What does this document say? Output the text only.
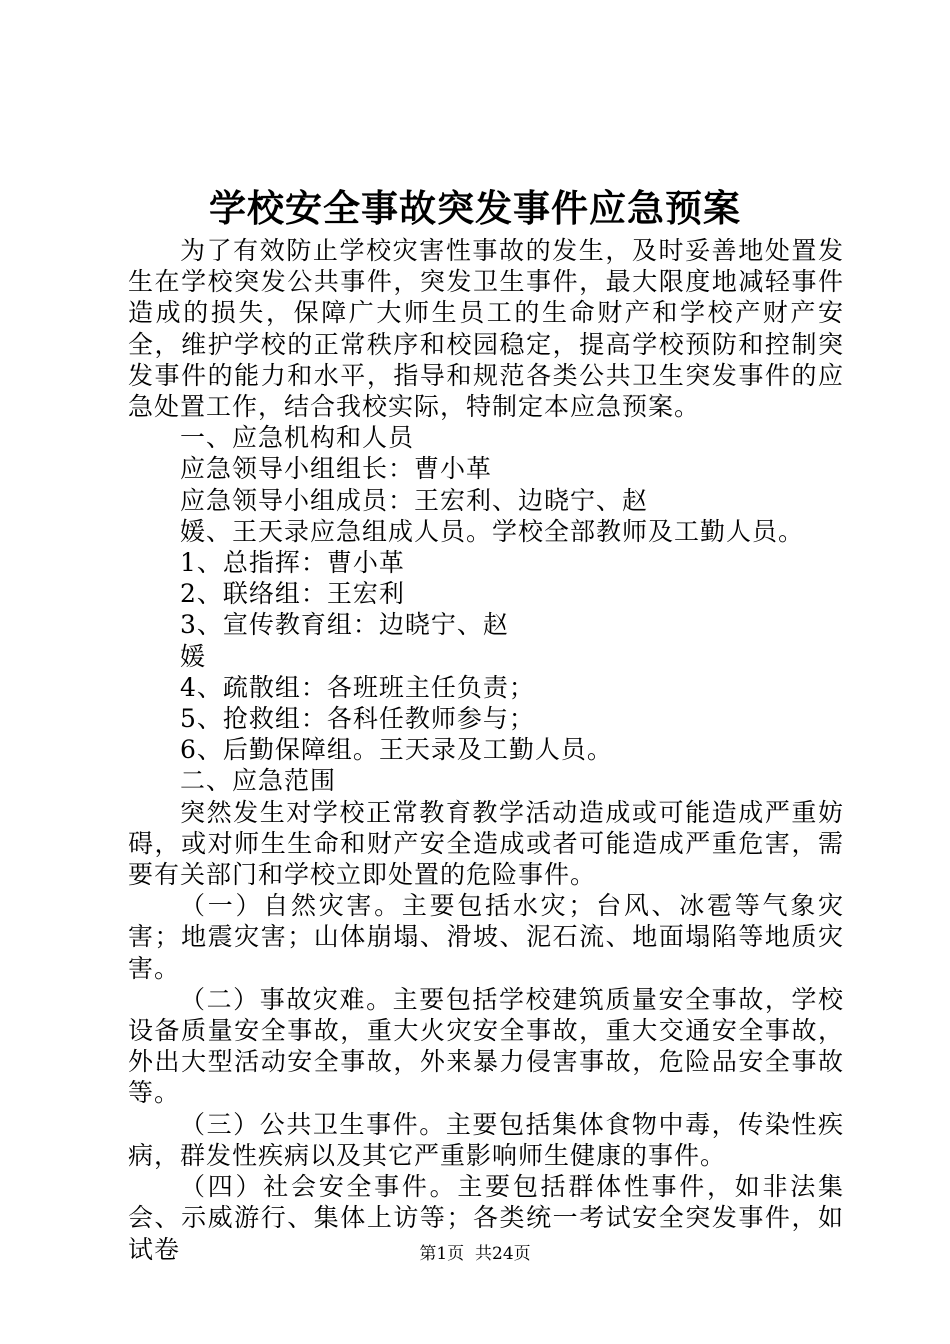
学校安全事故突发事件应急预案

为了有效防止学校灾害性事故的发生，及时妥善地处置发生在学校突发公共事件，突发卫生事件，最大限度地减轻事件造成的损失，保障广大师生员工的生命财产和学校产财产安全，维护学校的正常秩序和校园稳定，提高学校预防和控制突发事件的能力和水平，指导和规范各类公共卫生突发事件的应急处置工作，结合我校实际，特制定本应急预案。

一、应急机构和人员

应急领导小组组长：曹小革

应急领导小组成员：王宏利、边晓宁、赵

媛、王天录应急组成人员。学校全部教师及工勤人员。

1、总指挥：曹小革

2、联络组：王宏利

3、宣传教育组：边晓宁、赵

媛

4、疏散组：各班班主任负责；

5、抢救组：各科任教师参与；

6、后勤保障组。王天录及工勤人员。

二、应急范围

突然发生对学校正常教育教学活动造成或可能造成严重妨碍，或对师生生命和财产安全造成或者可能造成严重危害，需要有关部门和学校立即处置的危险事件。

（一）自然灾害。主要包括水灾；台风、冰雹等气象灾害；地震灾害；山体崩塌、滑坡、泥石流、地面塌陷等地质灾害。

（二）事故灾难。主要包括学校建筑质量安全事故，学校设备质量安全事故，重大火灾安全事故，重大交通安全事故，外出大型活动安全事故，外来暴力侵害事故，危险品安全事故等。

（三）公共卫生事件。主要包括集体食物中毒，传染性疾病，群发性疾病以及其它严重影响师生健康的事件。

（四）社会安全事件。主要包括群体性事件，如非法集会、示威游行、集体上访等；各类统一考试安全突发事件，如试卷	第1页 共24页
